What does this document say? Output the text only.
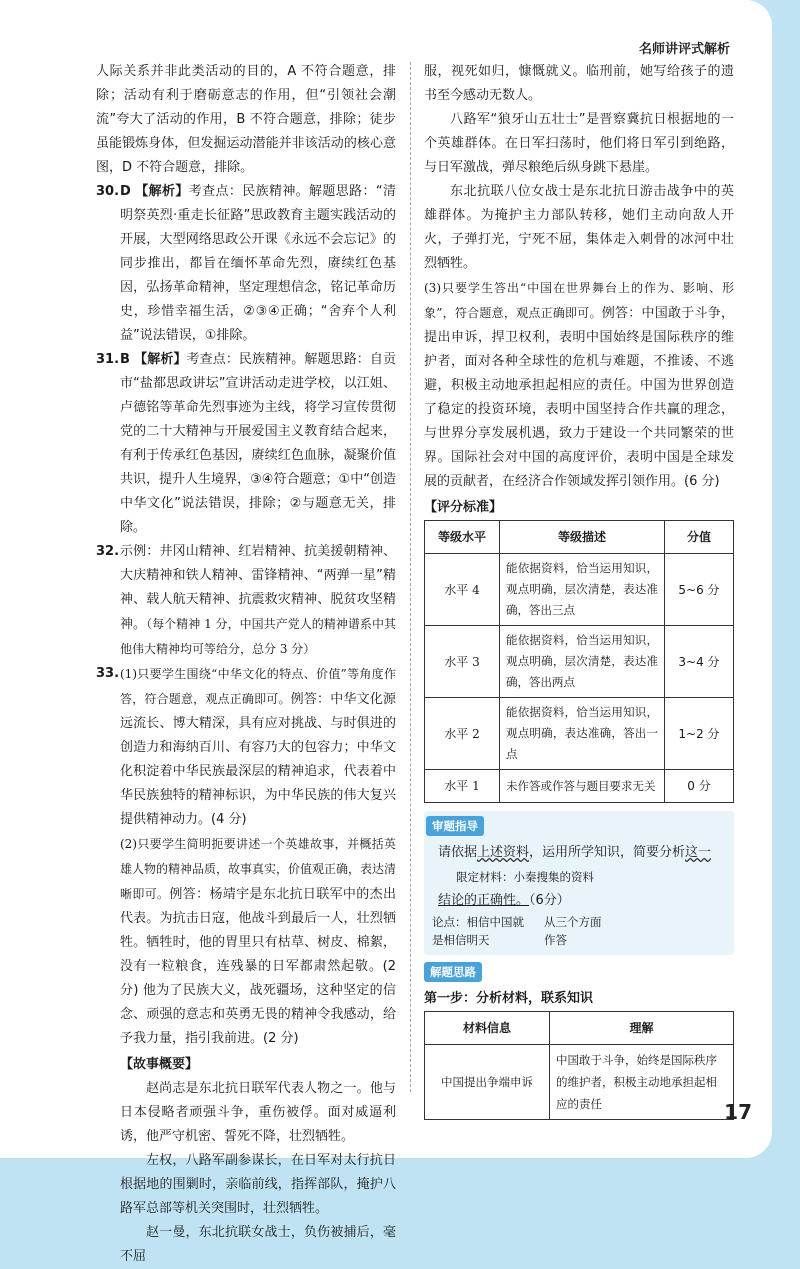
名师讲评式解析

人际关系并非此类活动的目的，A 不符合题意，排除；活动有利于磨砺意志的作用，但“引领社会潮流”夸大了活动的作用，B 不符合题意，排除；徒步虽能锻炼身体，但发掘运动潜能并非该活动的核心意图，D 不符合题意，排除。

30. D 【解析】考查点：民族精神。解题思路：“清明祭英烈·重走长征路”思政教育主题实践活动的开展，大型网络思政公开课《永远不会忘记》的同步推出，都旨在缅怀革命先烈，赓续红色基因，弘扬革命精神，坚定理想信念，铭记革命历史，珍惜幸福生活，②③④正确；“舍弃个人利益”说法错误，①排除。
31. B 【解析】考查点：民族精神。解题思路：自贡市“盐都思政讲坛”宣讲活动走进学校，以江姐、卢德铭等革命先烈事迹为主线，将学习宣传贯彻党的二十大精神与开展爱国主义教育结合起来，有利于传承红色基因，赓续红色血脉，凝聚价值共识，提升人生境界，③④符合题意；①中“创造中华文化”说法错误，排除；②与题意无关，排除。
32. 示例：井冈山精神、红岩精神、抗美援朝精神、大庆精神和铁人精神、雷锋精神、“两弹一星”精神、载人航天精神、抗震救灾精神、脱贫攻坚精神。（每个精神 1 分，中国共产党人的精神谱系中其他伟大精神均可等给分，总分 3 分）
33. (1)只要学生围绕“中华文化的特点、价值”等角度作答，符合题意，观点正确即可。例答：中华文化源远流长、博大精深，具有应对挑战、与时俱进的创造力和海纳百川、有容乃大的包容力；中华文化积淀着中华民族最深层的精神追求，代表着中华民族独特的精神标识，为中华民族的伟大复兴提供精神动力。(4 分)
(2)只要学生简明扼要讲述一个英雄故事，并概括英雄人物的精神品质，故事真实，价值观正确，表达清晰即可。例答：杨靖宇是东北抗日联军中的杰出代表。为抗击日寇，他战斗到最后一人，壮烈牺牲。牺牲时，他的胃里只有枯草、树皮、棉絮，没有一粒粮食，连残暴的日军都肃然起敬。(2 分) 他为了民族大义，战死疆场，这种坚定的信念、顽强的意志和英勇无畏的精神令我感动，给予我力量，指引我前进。(2 分)
【故事概要】

赵尚志是东北抗日联军代表人物之一。他与日本侵略者顽强斗争，重伤被俘。面对威逼利诱，他严守机密、誓死不降，壮烈牺牲。

左权，八路军副参谋长，在日军对太行抗日根据地的围剿时，亲临前线，指挥部队，掩护八路军总部等机关突围时，壮烈牺牲。

赵一曼，东北抗联女战士，负伤被捕后，毫不屈

服，视死如归，慷慨就义。临刑前，她写给孩子的遗书至今感动无数人。

八路军“狼牙山五壮士”是晋察冀抗日根据地的一个英雄群体。在日军扫荡时，他们将日军引到绝路，与日军激战，弹尽粮绝后纵身跳下悬崖。

东北抗联八位女战士是东北抗日游击战争中的英雄群体。为掩护主力部队转移，她们主动向敌人开火，子弹打光，宁死不屈，集体走入刺骨的冰河中壮烈牺牲。

(3)只要学生答出“中国在世界舞台上的作为、影响、形象”，符合题意，观点正确即可。例答：中国敢于斗争，提出申诉，捍卫权利，表明中国始终是国际秩序的维护者，面对各种全球性的危机与难题，不推诿、不逃避，积极主动地承担起相应的责任。中国为世界创造了稳定的投资环境，表明中国坚持合作共赢的理念，与世界分享发展机遇，致力于建设一个共同繁荣的世界。国际社会对中国的高度评价，表明中国是全球发展的贡献者，在经济合作领域发挥引领作用。(6 分)

【评分标准】
等级水平	等级描述	分值
水平 4	能依据资料，恰当运用知识，观点明确，层次清楚，表达准确，答出三点	5~6 分
水平 3	能依据资料，恰当运用知识，观点明确，层次清楚，表达准确，答出两点	3~4 分
水平 2	能依据资料，恰当运用知识，观点明确，表达准确，答出一点	1~2 分
水平 1	未作答或作答与题目要求无关	0 分
审题指导
请依据上述资料，运用所学知识，简要分析这一
限定材料：小秦搜集的资料
结论的正确性。（6分）
论点：相信中国就是相信明天
从三个方面作答
解题思路
第一步：分析材料，联系知识
材料信息	理解
中国提出争端申诉	中国敢于斗争，始终是国际秩序的维护者，积极主动地承担起相应的责任	17
